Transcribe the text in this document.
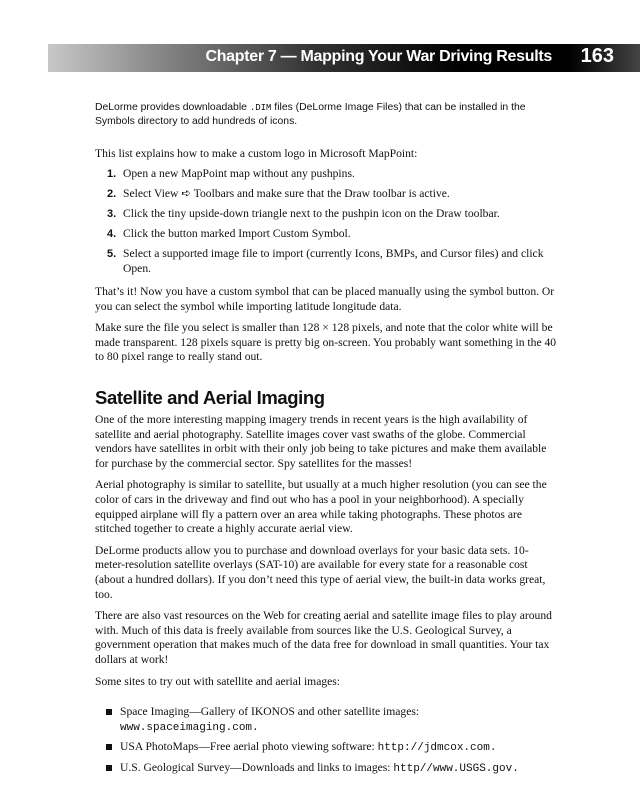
Chapter 7 — Mapping Your War Driving Results 163

DeLorme provides downloadable .DIM files (DeLorme Image Files) that can be installed in the Symbols directory to add hundreds of icons.

This list explains how to make a custom logo in Microsoft MapPoint:

1. Open a new MapPoint map without any pushpins.
2. Select View ➪ Toolbars and make sure that the Draw toolbar is active.
3. Click the tiny upside-down triangle next to the pushpin icon on the Draw toolbar.
4. Click the button marked Import Custom Symbol.
5. Select a supported image file to import (currently Icons, BMPs, and Cursor files) and click Open.

That’s it! Now you have a custom symbol that can be placed manually using the symbol button. Or you can select the symbol while importing latitude longitude data.

Make sure the file you select is smaller than 128 × 128 pixels, and note that the color white will be made transparent. 128 pixels square is pretty big on-screen. You probably want something in the 40 to 80 pixel range to really stand out.

Satellite and Aerial Imaging

One of the more interesting mapping imagery trends in recent years is the high availability of satellite and aerial photography. Satellite images cover vast swaths of the globe. Commercial vendors have satellites in orbit with their only job being to take pictures and make them available for purchase by the commercial sector. Spy satellites for the masses!

Aerial photography is similar to satellite, but usually at a much higher resolution (you can see the color of cars in the driveway and find out who has a pool in your neighborhood). A specially equipped airplane will fly a pattern over an area while taking photographs. These photos are stitched together to create a highly accurate aerial view.

DeLorme products allow you to purchase and download overlays for your basic data sets. 10-meter-resolution satellite overlays (SAT-10) are available for every state for a reasonable cost (about a hundred dollars). If you don’t need this type of aerial view, the built-in data works great, too.

There are also vast resources on the Web for creating aerial and satellite image files to play around with. Much of this data is freely available from sources like the U.S. Geological Survey, a government operation that makes much of the data free for download in small quantities. Your tax dollars at work!

Some sites to try out with satellite and aerial images:

Space Imaging—Gallery of IKONOS and other satellite images:
www.spaceimaging.com.
USA PhotoMaps—Free aerial photo viewing software: http://jdmcox.com.
U.S. Geological Survey—Downloads and links to images: http//www.USGS.gov.
